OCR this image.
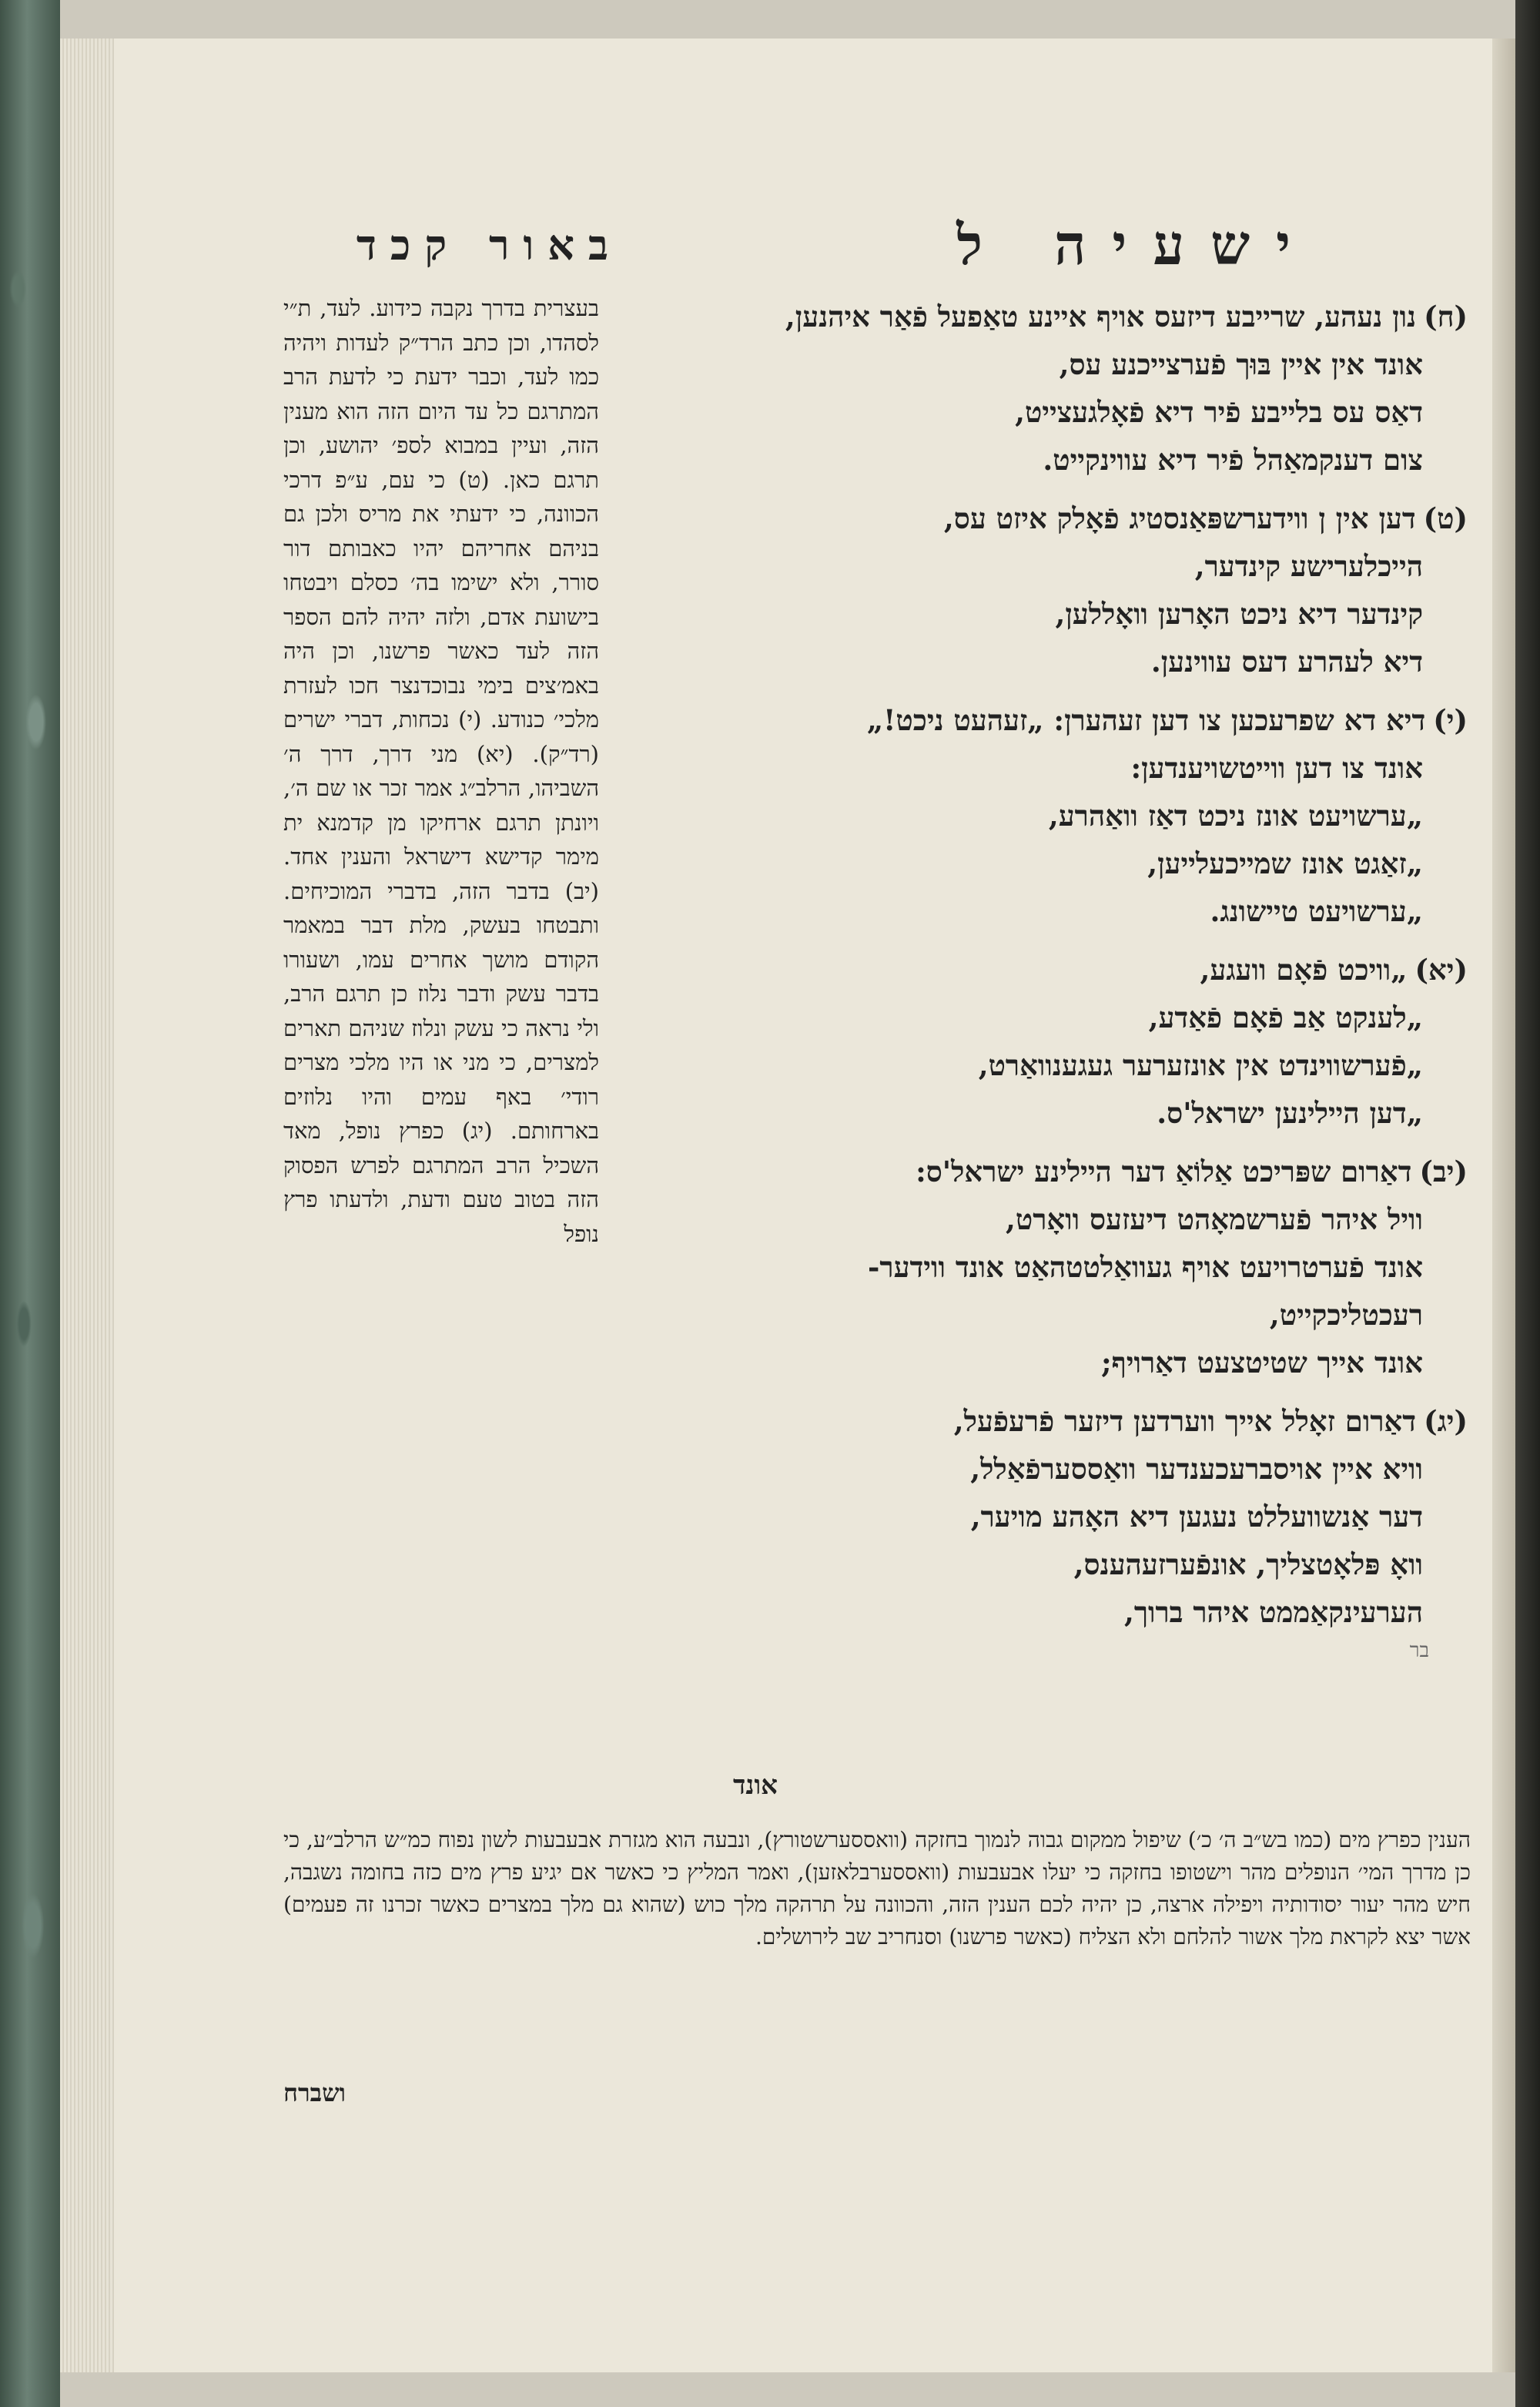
ישעיה ל
באור קכד
(ח)נון נעהע, שרייבע דיזעס אויף איינע טאַפעל פֿאַר איהנען,
אונד אין איין בּוּך פֿערצייכנע עס,
דאַס עס בלייבע פֿיר דיא פֿאָלגעצייט,
צום דענקמאַהל פֿיר דיא עווינקייט.
(ט)דען אין ן ווידערשפּאַנסטיג פֿאָלק איזט עס,
הייכלערישע קינדער,
קינדער דיא ניכט האָרען וואָללען,
דיא לעהרע דעס עווינען.
(י)דיא דא שפרעכען צו דען זעהערן: „זעהעט ניכט!„
אונד צו דען ווייטשויענדען:
„ערשויעט אונז ניכט דאַז וואַהרע,
„זאַגט אונז שמייכעלייען,
„ערשויעט טיישונג.
(יא)„וויכט פֿאָם וועגע,
„לענקט אַב פֿאָם פֿאַדע,
„פֿערשווינדט אין אונזערער געגענוואַרט,
„דען היילינען ישראל'ס.
(יב)דאַרום שפּריכט אַלוֹאַ דער היילינע ישראל'ס:
וויל איהר פֿערשמאָהט דיעזעס וואָרט,
אונד פֿערטרויעט אויף געוואַלטטהאַט אונד ווידער-
רעכטליכקייט,
אונד אייך שטיטצעט דאַרויף;
(יג)דאַרום זאָלל אייך ווערדען דיזער פֿרעפֿעל,
וויא איין אויסברעכענדער וואַססערפֿאַלל,
דער אַנשוועללט נעגען דיא האָהע מויער,
וואָ פּלאָטצליך, אונפֿערזעהענס,
הערעינקאַממט איהר ברוך,
בר
אונד

בעצרית בדרך נקבה כידוע. לעד, ת״י לסהדו, וכן כתב הרד״ק לעדות ויהיה כמו לעד, וכבר ידעת כי לדעת הרב המתרגם כל עד היום הזה הוא מענין הזה, ועיין במבוא לספ׳ יהושע, וכן תרגם כאן. (ט) כי עם, ע״פ דרכי הכוונה, כי ידעתי את מריס ולכן גם בניהם אחריהם יהיו כאבותם דור סורר, ולא ישימו בה׳ כסלם ויבטחו בישועת אדם, ולזה יהיה להם הספר הזה לעד כאשר פרשנו, וכן היה באמ׳צים בימי נבוכדנצר חכו לעזרת מלכי׳ כנודע. (י) נכחות, דברי ישרים (רד״ק). (יא) מני דרך, דרך ה׳ השביהו, הרלב״ג אמר זכר או שם ה׳, ויונתן תרגם ארחיקו מן קדמנא ית מימר קדישא דישראל והענין אחד. (יב) בדבר הזה, בדברי המוכיחים. ותבטחו בעשק, מלת דבר במאמר הקודם מושך אחרים עמו, ושעורו בדבר עשק ודבר נלוז כן תרגם הרב, ולי נראה כי עשק ונלוז שניהם תארים למצרים, כי מני או היו מלכי מצרים רודי׳ באף עמים והיו נלוזים בארחותם. (יג) כפרץ נופל, מאד השכיל הרב המתרגם לפרש הפסוק הזה בטוב טעם ודעת, ולדעתו פרץ נופל

הענין כפרץ מים (כמו בש״ב ה׳ כ׳) שיפול ממקום גבוה לנמוך בחזקה (וואססערשטורץ), ונבעה הוא מגזרת אבעבעות לשון נפוח כמ״ש הרלב״ע, כי כן מדרך המי׳ הנופלים מהר וישטופו בחזקה כי יעלו אבעבעות (וואססערבלאזען), ואמר המליץ כי כאשר אם יגיע פרץ מים כזה בחומה נשגבה, חיש מהר יעור יסודותיה ויפילה ארצה, כן יהיה לכם הענין הזה, והכוונה על תרהקה מלך כוש (שהוא גם מלך במצרים כאשר זכרנו זה פעמים) אשר יצא לקראת מלך אשור להלחם ולא הצליח (כאשר פרשנו) וסנחריב שב לירושלים.
ושברח
